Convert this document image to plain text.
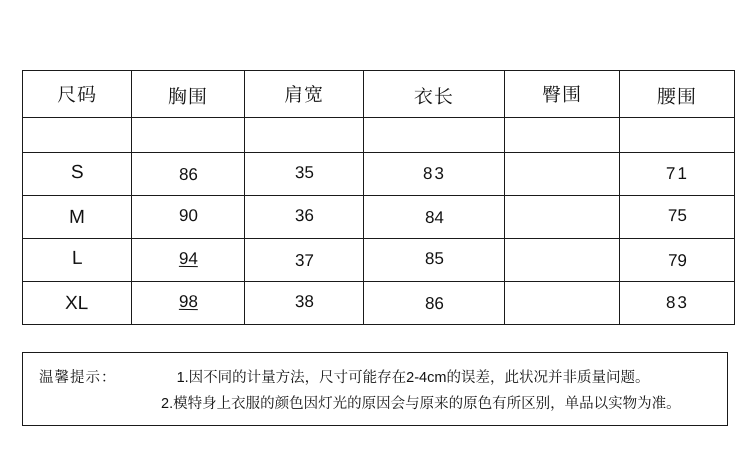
尺码	胸围	肩宽	衣长	臀围	腰围

S	86	35	83		71
M	90	36	84		75
L	94	37	85		79
XL	98	38	86		83
温馨提示：	1.因不同的计量方法，尺寸可能存在2-4cm的误差，此状况并非质量问题。
2.模特身上衣服的颜色因灯光的原因会与原来的原色有所区别，单品以实物为准。
